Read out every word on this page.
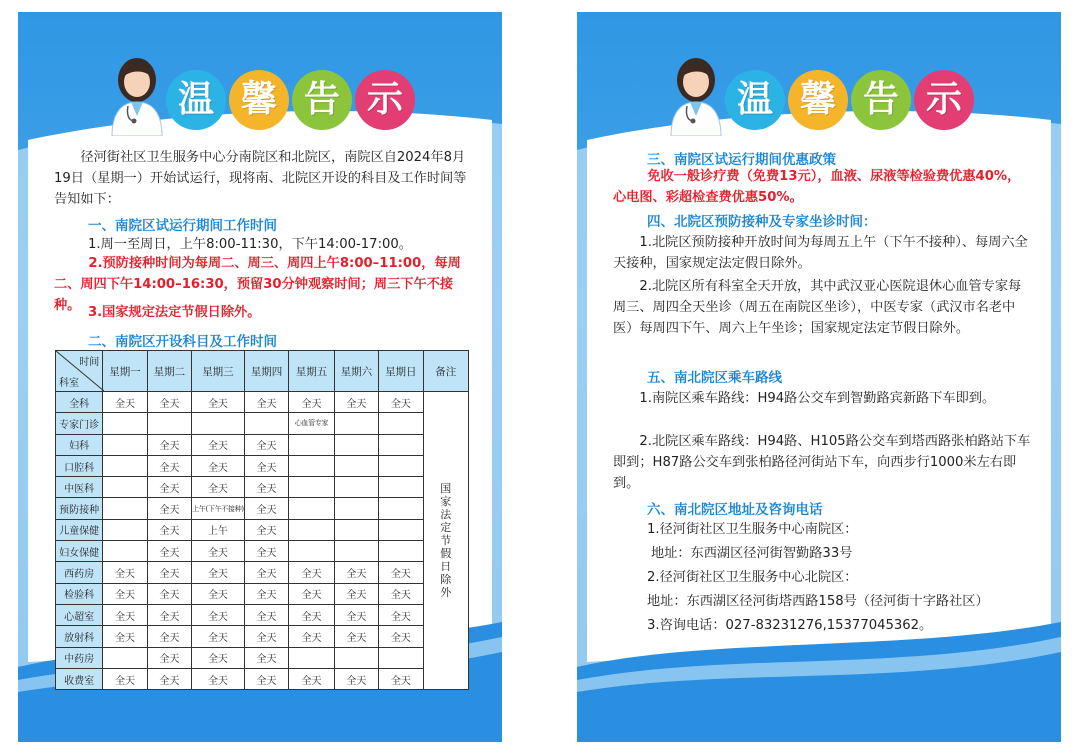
温 馨 告 示
径河街社区卫生服务中心分南院区和北院区，南院区自2024年8月19日（星期一）开始试运行，现将南、北院区开设的科目及工作时间等告知如下：
一、南院区试运行期间工作时间
1.周一至周日，上午8:00-11:30，下午14:00-17:00。
2.预防接种时间为每周二、周三、周四上午8:00–11:00，每周二、周四下午14:00–16:30，预留30分钟观察时间；周三下午不接种。 3.国家规定法定节假日除外。
二、南院区开设科目及工作时间
时间
科室	星期一	星期二	星期三	星期四	星期五	星期六	星期日	备注
全科	全天	全天	全天	全天	全天	全天	全天	国家法定节假日除外

专家门诊					心血管专家			
妇科		全天	全天	全天				
口腔科		全天	全天	全天				
中医科		全天	全天	全天				
预防接种		全天	上午(下午不接种)	全天				
儿童保健		全天	上午	全天				
妇女保健		全天	全天	全天				
西药房	全天	全天	全天	全天	全天	全天	全天	
检验科	全天	全天	全天	全天	全天	全天	全天	
心超室	全天	全天	全天	全天	全天	全天	全天	
放射科	全天	全天	全天	全天	全天	全天	全天	
中药房		全天	全天	全天				
收费室	全天	全天	全天	全天	全天	全天	全天	
温 馨 告 示
三、南院区试运行期间优惠政策
免收一般诊疗费（免费13元），血液、尿液等检验费优惠40%，心电图、彩超检查费优惠50%。
四、北院区预防接种及专家坐诊时间：
1.北院区预防接种开放时间为每周五上午（下午不接种）、每周六全天接种，国家规定法定假日除外。
2.北院区所有科室全天开放，其中武汉亚心医院退休心血管专家每周三、周四全天坐诊（周五在南院区坐诊），中医专家（武汉市名老中医）每周四下午、周六上午坐诊；国家规定法定节假日除外。
五、南北院区乘车路线
1.南院区乘车路线：H94路公交车到智勤路宾新路下车即到。
2.北院区乘车路线：H94路、H105路公交车到塔西路张柏路站下车即到；H87路公交车到张柏路径河街站下车，向西步行1000米左右即到。
六、南北院区地址及咨询电话
1.径河街社区卫生服务中心南院区：
地址：东西湖区径河街智勤路33号
2.径河街社区卫生服务中心北院区：
地址：东西湖区径河街塔西路158号（径河街十字路社区）
3.咨询电话：027-83231276,15377045362。
